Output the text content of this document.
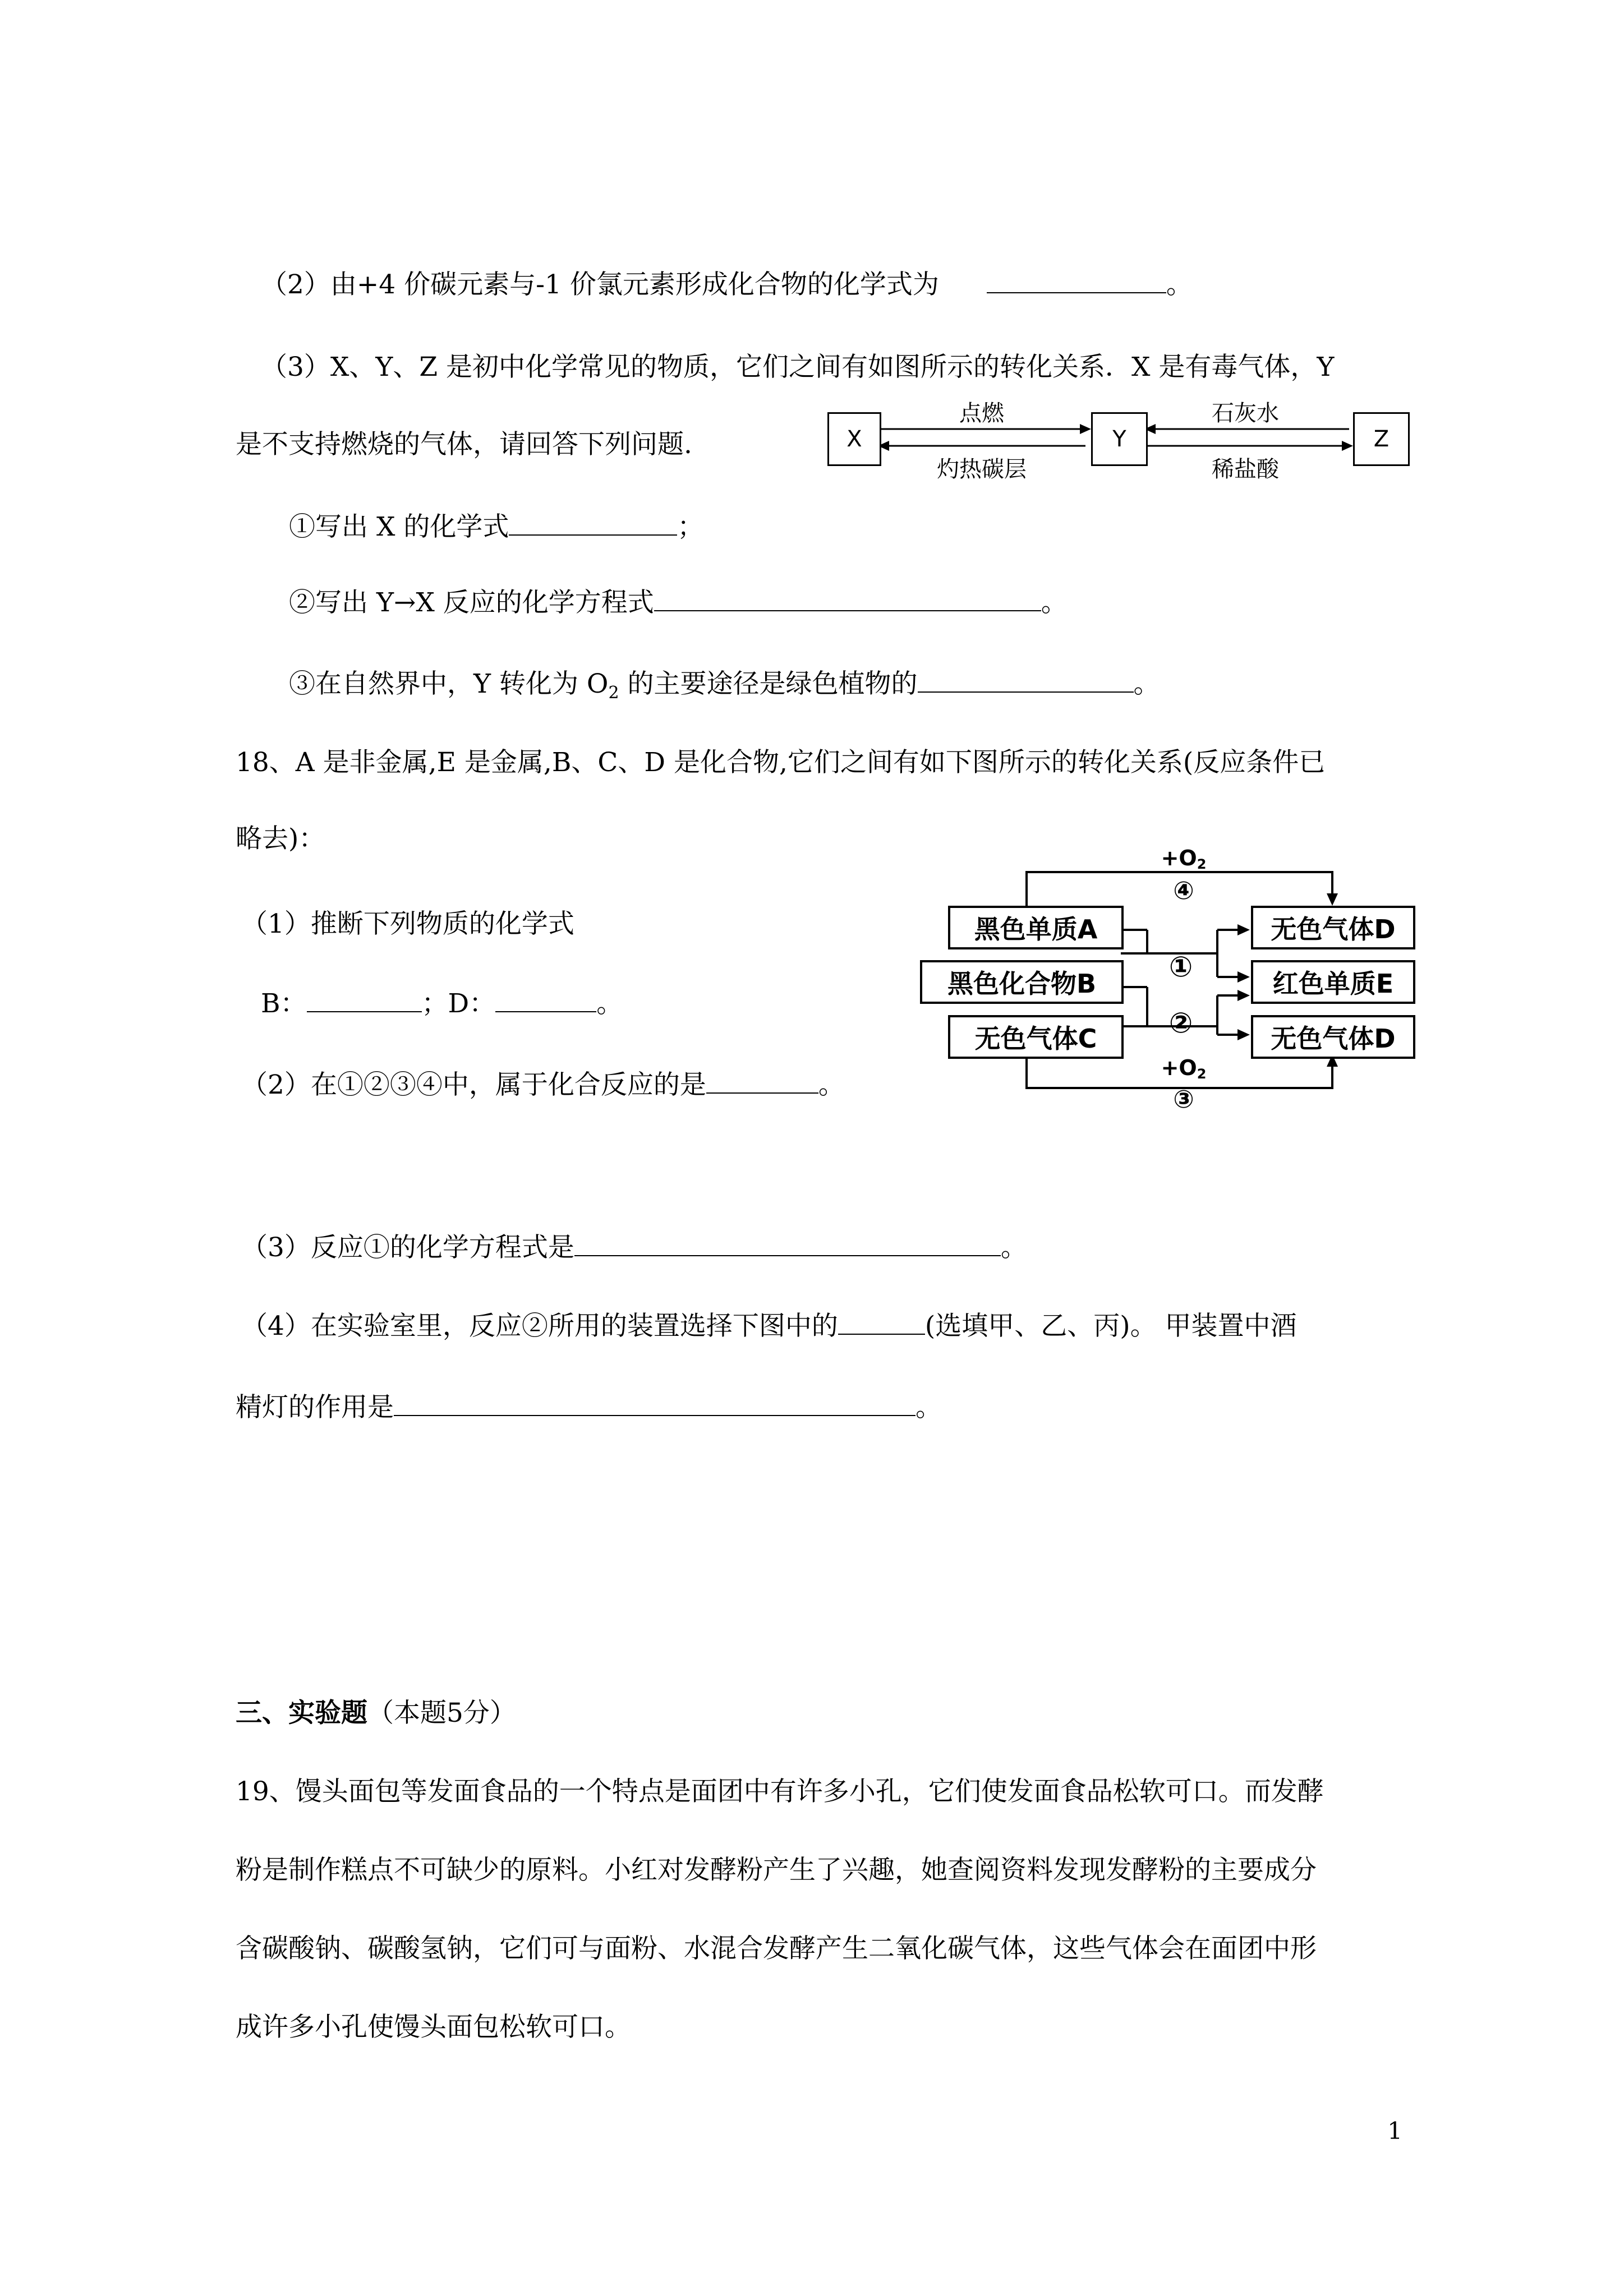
（2）由+4 价碳元素与-1 价氯元素形成化合物的化学式为	。
（3）X、Y、Z 是初中化学常见的物质，它们之间有如图所示的转化关系．X 是有毒气体，Y
是不支持燃烧的气体，请回答下列问题.	X	Y	Z
点燃
灼热碳层
石灰水
稀盐酸
①写出 X 的化学式	；
②写出 Y→X 反应的化学方程式	。
③在自然界中，Y 转化为 $O_2$ 的主要途径是绿色植物的	。
18、A 是非金属,E 是金属,B、C、D 是化合物,它们之间有如下图所示的转化关系(反应条件已
略去)：
（1）推断下列物质的化学式
B：	；D：	。
（2）在①②③④中，属于化合反应的是	。
黑色单质A
黑色化合物B
无色气体C
无色气体D
红色单质E
无色气体D
+O2
④
①
②
+O2
③
（3）反应①的化学方程式是	。
（4）在实验室里，反应②所用的装置选择下图中的	(选填甲、乙、丙)。 甲装置中酒
精灯的作用是	。
三、实验题（本题5分）
19、馒头面包等发面食品的一个特点是面团中有许多小孔，它们使发面食品松软可口。而发酵
粉是制作糕点不可缺少的原料。小红对发酵粉产生了兴趣，她查阅资料发现发酵粉的主要成分
含碳酸钠、碳酸氢钠，它们可与面粉、水混合发酵产生二氧化碳气体，这些气体会在面团中形
成许多小孔使馒头面包松软可口。
1
